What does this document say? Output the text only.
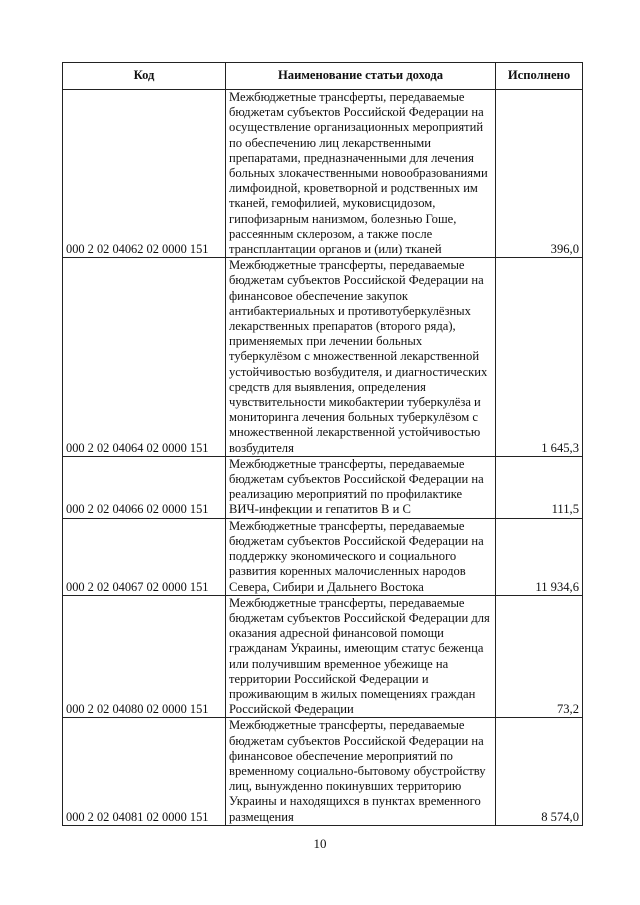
Код	Наименование статьи дохода	Исполнено
000 2 02 04062 02 0000 151	Межбюджетные трансферты, передаваемые бюджетам субъектов Российской Федерации на осуществление организационных мероприятий по обеспечению лиц лекарственными препаратами, предназначенными для лечения больных злокачественными новообразованиями лимфоидной, кроветворной и родственных им тканей, гемофилией, муковисцидозом, гипофизарным нанизмом, болезнью Гоше, рассеянным склерозом, а также после трансплантации органов и (или) тканей	396,0
000 2 02 04064 02 0000 151	Межбюджетные трансферты, передаваемые бюджетам субъектов Российской Федерации на финансовое обеспечение закупок антибактериальных и противотуберкулёзных лекарственных препаратов (второго ряда), применяемых при лечении больных туберкулёзом с множественной лекарственной устойчивостью возбудителя, и диагностических средств для выявления, определения чувствительности микобактерии туберкулёза и мониторинга лечения больных туберкулёзом с множественной лекарственной устойчивостью возбудителя	1 645,3
000 2 02 04066 02 0000 151	Межбюджетные трансферты, передаваемые бюджетам субъектов Российской Федерации на реализацию мероприятий по профилактике ВИЧ-инфекции и гепатитов B и C	111,5
000 2 02 04067 02 0000 151	Межбюджетные трансферты, передаваемые бюджетам субъектов Российской Федерации на поддержку экономического и социального развития коренных малочисленных народов Севера, Сибири и Дальнего Востока	11 934,6
000 2 02 04080 02 0000 151	Межбюджетные трансферты, передаваемые бюджетам субъектов Российской Федерации для оказания адресной финансовой помощи гражданам Украины, имеющим статус беженца или получившим временное убежище на территории Российской Федерации и проживающим в жилых помещениях граждан Российской Федерации	73,2
000 2 02 04081 02 0000 151	Межбюджетные трансферты, передаваемые бюджетам субъектов Российской Федерации на финансовое обеспечение мероприятий по временному социально-бытовому обустройству лиц, вынужденно покинувших территорию Украины и находящихся в пунктах временного размещения	8 574,0
10
